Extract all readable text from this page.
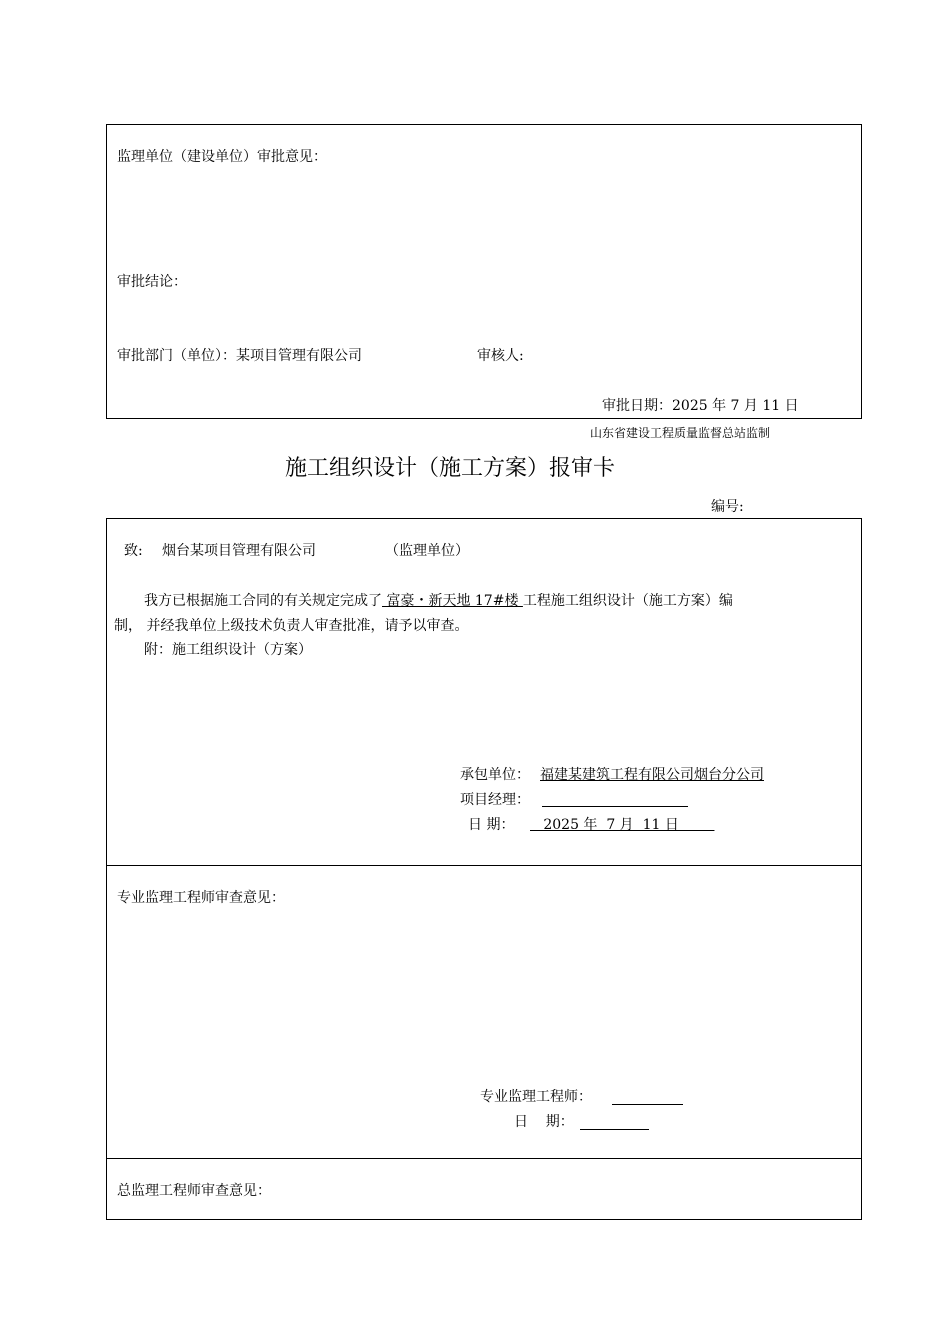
监理单位（建设单位）审批意见：
审批结论：
审批部门（单位）：某项目管理有限公司	审核人:
审批日期：2025 年 7 月 11 日
山东省建设工程质量监督总站监制
施工组织设计（施工方案）报审卡
编号:
致: 烟台某项目管理有限公司	（监理单位）
我方已根据施工合同的有关规定完成了 富豪・新天地 17#楼 工程施工组织设计（施工方案）编
制， 并经我单位上级技术负责人审查批准，请予以审查。
附：施工组织设计（方案）
承包单位： 福建某建筑工程有限公司烟台分公司
项目经理：
日 期： 2025 年  7 月  11 日
专业监理工程师审查意见：
专业监理工程师：
日    期：
总监理工程师审查意见：
